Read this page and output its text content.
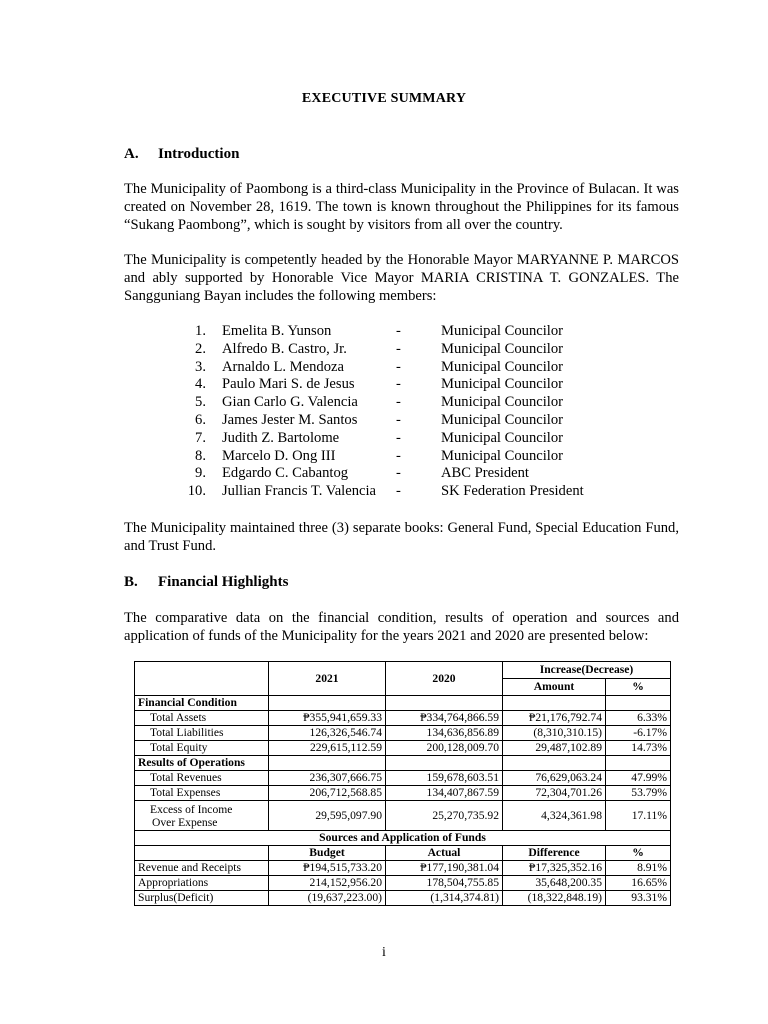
EXECUTIVE SUMMARY
A. Introduction

The Municipality of Paombong is a third-class Municipality in the Province of Bulacan. It was created on November 28, 1619. The town is known throughout the Philippines for its famous “Sukang Paombong”, which is sought by visitors from all over the country.

The Municipality is competently headed by the Honorable Mayor MARYANNE P. MARCOS and ably supported by Honorable Vice Mayor MARIA CRISTINA T. GONZALES. The Sangguniang Bayan includes the following members:

1. Emelita B. Yunson	-	Municipal Councilor
2. Alfredo B. Castro, Jr.	-	Municipal Councilor
3. Arnaldo L. Mendoza	-	Municipal Councilor
4. Paulo Mari S. de Jesus	-	Municipal Councilor
5. Gian Carlo G. Valencia	-	Municipal Councilor
6. James Jester M. Santos	-	Municipal Councilor
7. Judith Z. Bartolome	-	Municipal Councilor
8. Marcelo D. Ong III	-	Municipal Councilor
9. Edgardo C. Cabantog	-	ABC President
10. Jullian Francis T. Valencia -	SK Federation President

The Municipality maintained three (3) separate books: General Fund, Special Education Fund, and Trust Fund.

B. Financial Highlights

The comparative data on the financial condition, results of operation and sources and application of funds of the Municipality for the years 2021 and 2020 are presented below:

	2021	2020	Increase(Decrease)	
			Amount	%
Financial Condition				
Total Assets	₱355,941,659.33	₱334,764,866.59	₱21,176,792.74	6.33%
Total Liabilities	126,326,546.74	134,636,856.89	(8,310,310.15)	-6.17%
Total Equity	229,615,112.59	200,128,009.70	29,487,102.89	14.73%
Results of Operations				
Total Revenues	236,307,666.75	159,678,603.51	76,629,063.24	47.99%
Total Expenses	206,712,568.85	134,407,867.59	72,304,701.26	53.79%

Excess of Income
Over Expense	29,595,097.90	25,270,735.92	4,324,361.98	17.11%
Sources and Application of Funds				
	Budget	Actual	Difference	%
Revenue and Receipts	₱194,515,733.20	₱177,190,381.04	₱17,325,352.16	8.91%
Appropriations	214,152,956.20	178,504,755.85	35,648,200.35	16.65%
Surplus(Deficit)	(19,637,223.00)	(1,314,374.81)	(18,322,848.19)	93.31%
i
